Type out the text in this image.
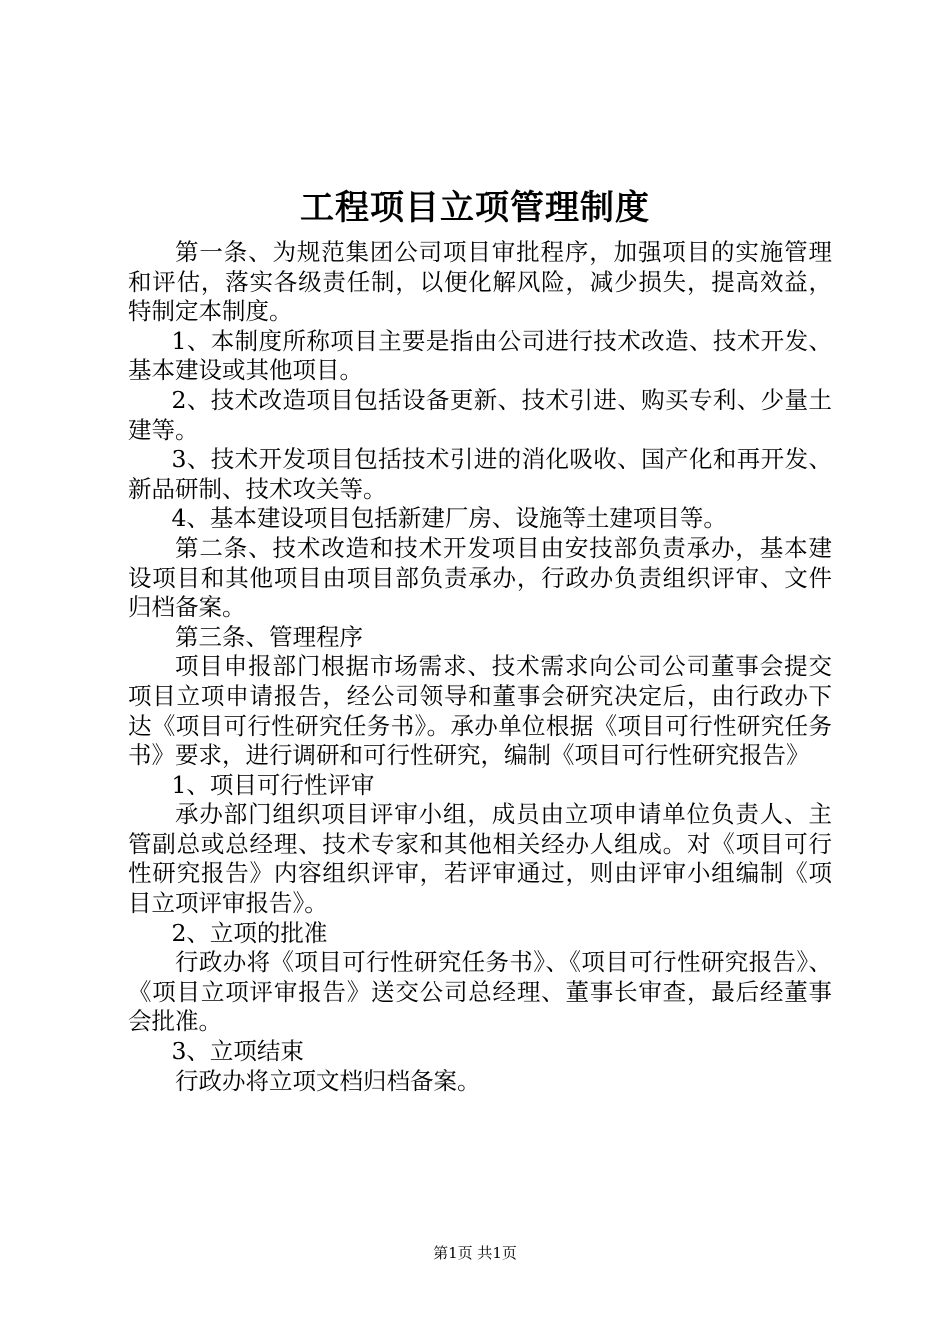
工程项目立项管理制度

第一条、为规范集团公司项目审批程序，加强项目的实施管理和评估，落实各级责任制，以便化解风险，减少损失，提高效益，特制定本制度。

1、本制度所称项目主要是指由公司进行技术改造、技术开发、基本建设或其他项目。

2、技术改造项目包括设备更新、技术引进、购买专利、少量土建等。

3、技术开发项目包括技术引进的消化吸收、国产化和再开发、新品研制、技术攻关等。

4、基本建设项目包括新建厂房、设施等土建项目等。

第二条、技术改造和技术开发项目由安技部负责承办，基本建设项目和其他项目由项目部负责承办，行政办负责组织评审、文件归档备案。

第三条、管理程序

项目申报部门根据市场需求、技术需求向公司公司董事会提交项目立项申请报告，经公司领导和董事会研究决定后，由行政办下达《项目可行性研究任务书》。承办单位根据《项目可行性研究任务书》要求，进行调研和可行性研究，编制《项目可行性研究报告》

1、项目可行性评审

承办部门组织项目评审小组，成员由立项申请单位负责人、主管副总或总经理、技术专家和其他相关经办人组成。对《项目可行性研究报告》内容组织评审，若评审通过，则由评审小组编制《项目立项评审报告》。

2、立项的批准

行政办将《项目可行性研究任务书》、《项目可行性研究报告》、《项目立项评审报告》送交公司总经理、董事长审查，最后经董事会批准。

3、立项结束

行政办将立项文档归档备案。

第1页 共1页
